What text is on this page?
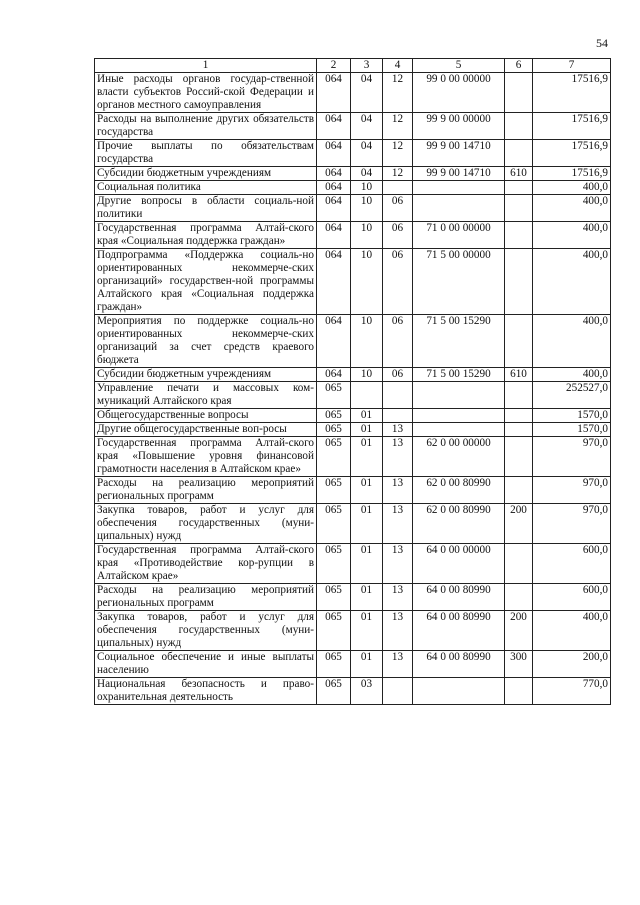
54
1	2	3	4	5	6	7
Иные расходы органов государ-ственной власти субъектов Россий-ской Федерации и органов местного самоуправления	064	04	12	99 0 00 00000		17516,9
Расходы на выполнение других обязательств государства	064	04	12	99 9 00 00000		17516,9
Прочие выплаты по обязательствам государства	064	04	12	99 9 00 14710		17516,9
Субсидии бюджетным учреждениям	064	04	12	99 9 00 14710	610	17516,9
Социальная политика	064	10				400,0
Другие вопросы в области социаль-ной политики	064	10	06			400,0
Государственная программа Алтай-ского края «Социальная поддержка граждан»	064	10	06	71 0 00 00000		400,0
Подпрограмма «Поддержка социаль-но ориентированных некоммерче-ских организаций» государствен-ной программы Алтайского края «Социальная поддержка граждан»	064	10	06	71 5 00 00000		400,0
Мероприятия по поддержке социаль-но ориентированных некоммерче-ских организаций за счет средств краевого бюджета	064	10	06	71 5 00 15290		400,0
Субсидии бюджетным учреждениям	064	10	06	71 5 00 15290	610	400,0
Управление печати и массовых ком-муникаций Алтайского края	065					252527,0
Общегосударственные вопросы	065	01				1570,0
Другие общегосударственные воп-росы	065	01	13			1570,0
Государственная программа Алтай-ского края «Повышение уровня финансовой грамотности населения в Алтайском крае»	065	01	13	62 0 00 00000		970,0
Расходы на реализацию мероприятий региональных программ	065	01	13	62 0 00 80990		970,0
Закупка товаров, работ и услуг для обеспечения государственных (муни-ципальных) нужд	065	01	13	62 0 00 80990	200	970,0
Государственная программа Алтай-ского края «Противодействие кор-рупции в Алтайском крае»	065	01	13	64 0 00 00000		600,0
Расходы на реализацию мероприятий региональных программ	065	01	13	64 0 00 80990		600,0
Закупка товаров, работ и услуг для обеспечения государственных (муни-ципальных) нужд	065	01	13	64 0 00 80990	200	400,0
Социальное обеспечение и иные выплаты населению	065	01	13	64 0 00 80990	300	200,0
Национальная безопасность и право-охранительная деятельность	065	03				770,0
